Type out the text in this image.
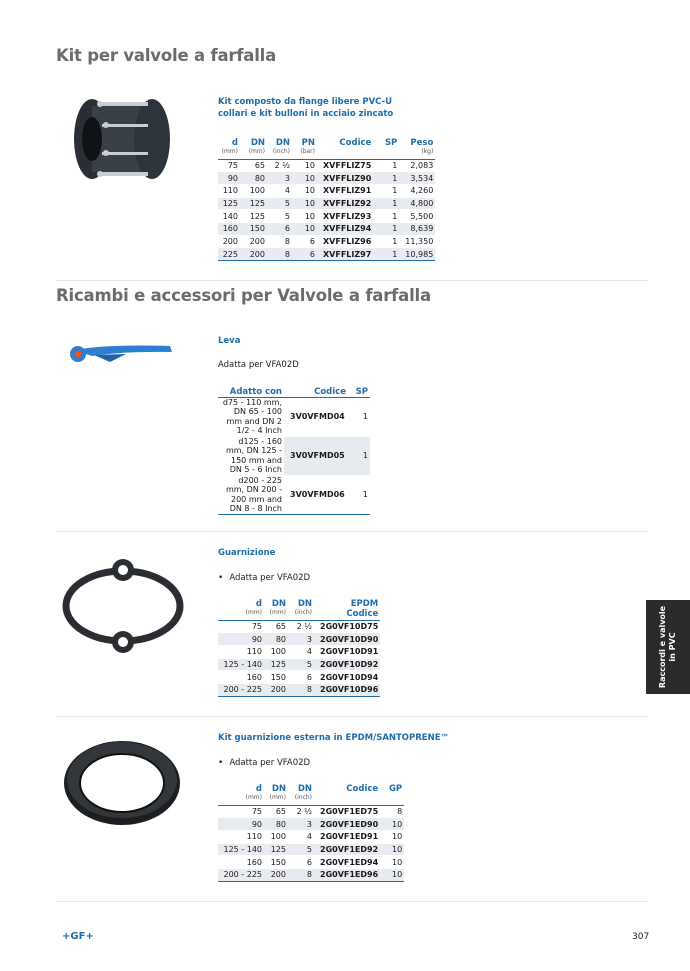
Kit per valvole a farfalla
Kit composto da flange libere PVC-U
collari e kit bulloni in acciaio zincato
d	DN	DN	PN	Codice	SP	Peso
(mm)	(mm)	(inch)	(bar)			(kg)
75	65	2 ½	10	XVFFLIZ75	1	2,083
90	80	3	10	XVFFLIZ90	1	3,534
110	100	4	10	XVFFLIZ91	1	4,260
125	125	5	10	XVFFLIZ92	1	4,800
140	125	5	10	XVFFLIZ93	1	5,500
160	150	6	10	XVFFLIZ94	1	8,639
200	200	8	6	XVFFLIZ96	1	11,350
225	200	8	6	XVFFLIZ97	1	10,985
Ricambi e accessori per Valvole a farfalla
Leva
Adatta per VFA02D
Adatto con	Codice	SP
d75 - 110 mm, DN 65 - 100 mm and DN 2 1/2 - 4 Inch	3V0VFMD04	1
d125 - 160 mm, DN 125 - 150 mm and DN 5 - 6 Inch	3V0VFMD05	1
d200 - 225 mm, DN 200 - 200 mm and DN 8 - 8 Inch	3V0VFMD06	1
Guarnizione
• Adatta per VFA02D
d	DN	DN	EPDM
(mm)	(mm)	(inch)	Codice
75	65	2 ½	2G0VF10D75
90	80	3	2G0VF10D90
110	100	4	2G0VF10D91
125 - 140	125	5	2G0VF10D92
160	150	6	2G0VF10D94
200 - 225	200	8	2G0VF10D96
Kit guarnizione esterna in EPDM/SANTOPRENE™
• Adatta per VFA02D
d	DN	DN	Codice	GP
(mm)	(mm)	(inch)		
75	65	2 ½	2G0VF1ED75	8
90	80	3	2G0VF1ED90	10
110	100	4	2G0VF1ED91	10
125 - 140	125	5	2G0VF1ED92	10
160	150	6	2G0VF1ED94	10
200 - 225	200	8	2G0VF1ED96	10
Raccordi e valvole in PVC
+GF+	307
